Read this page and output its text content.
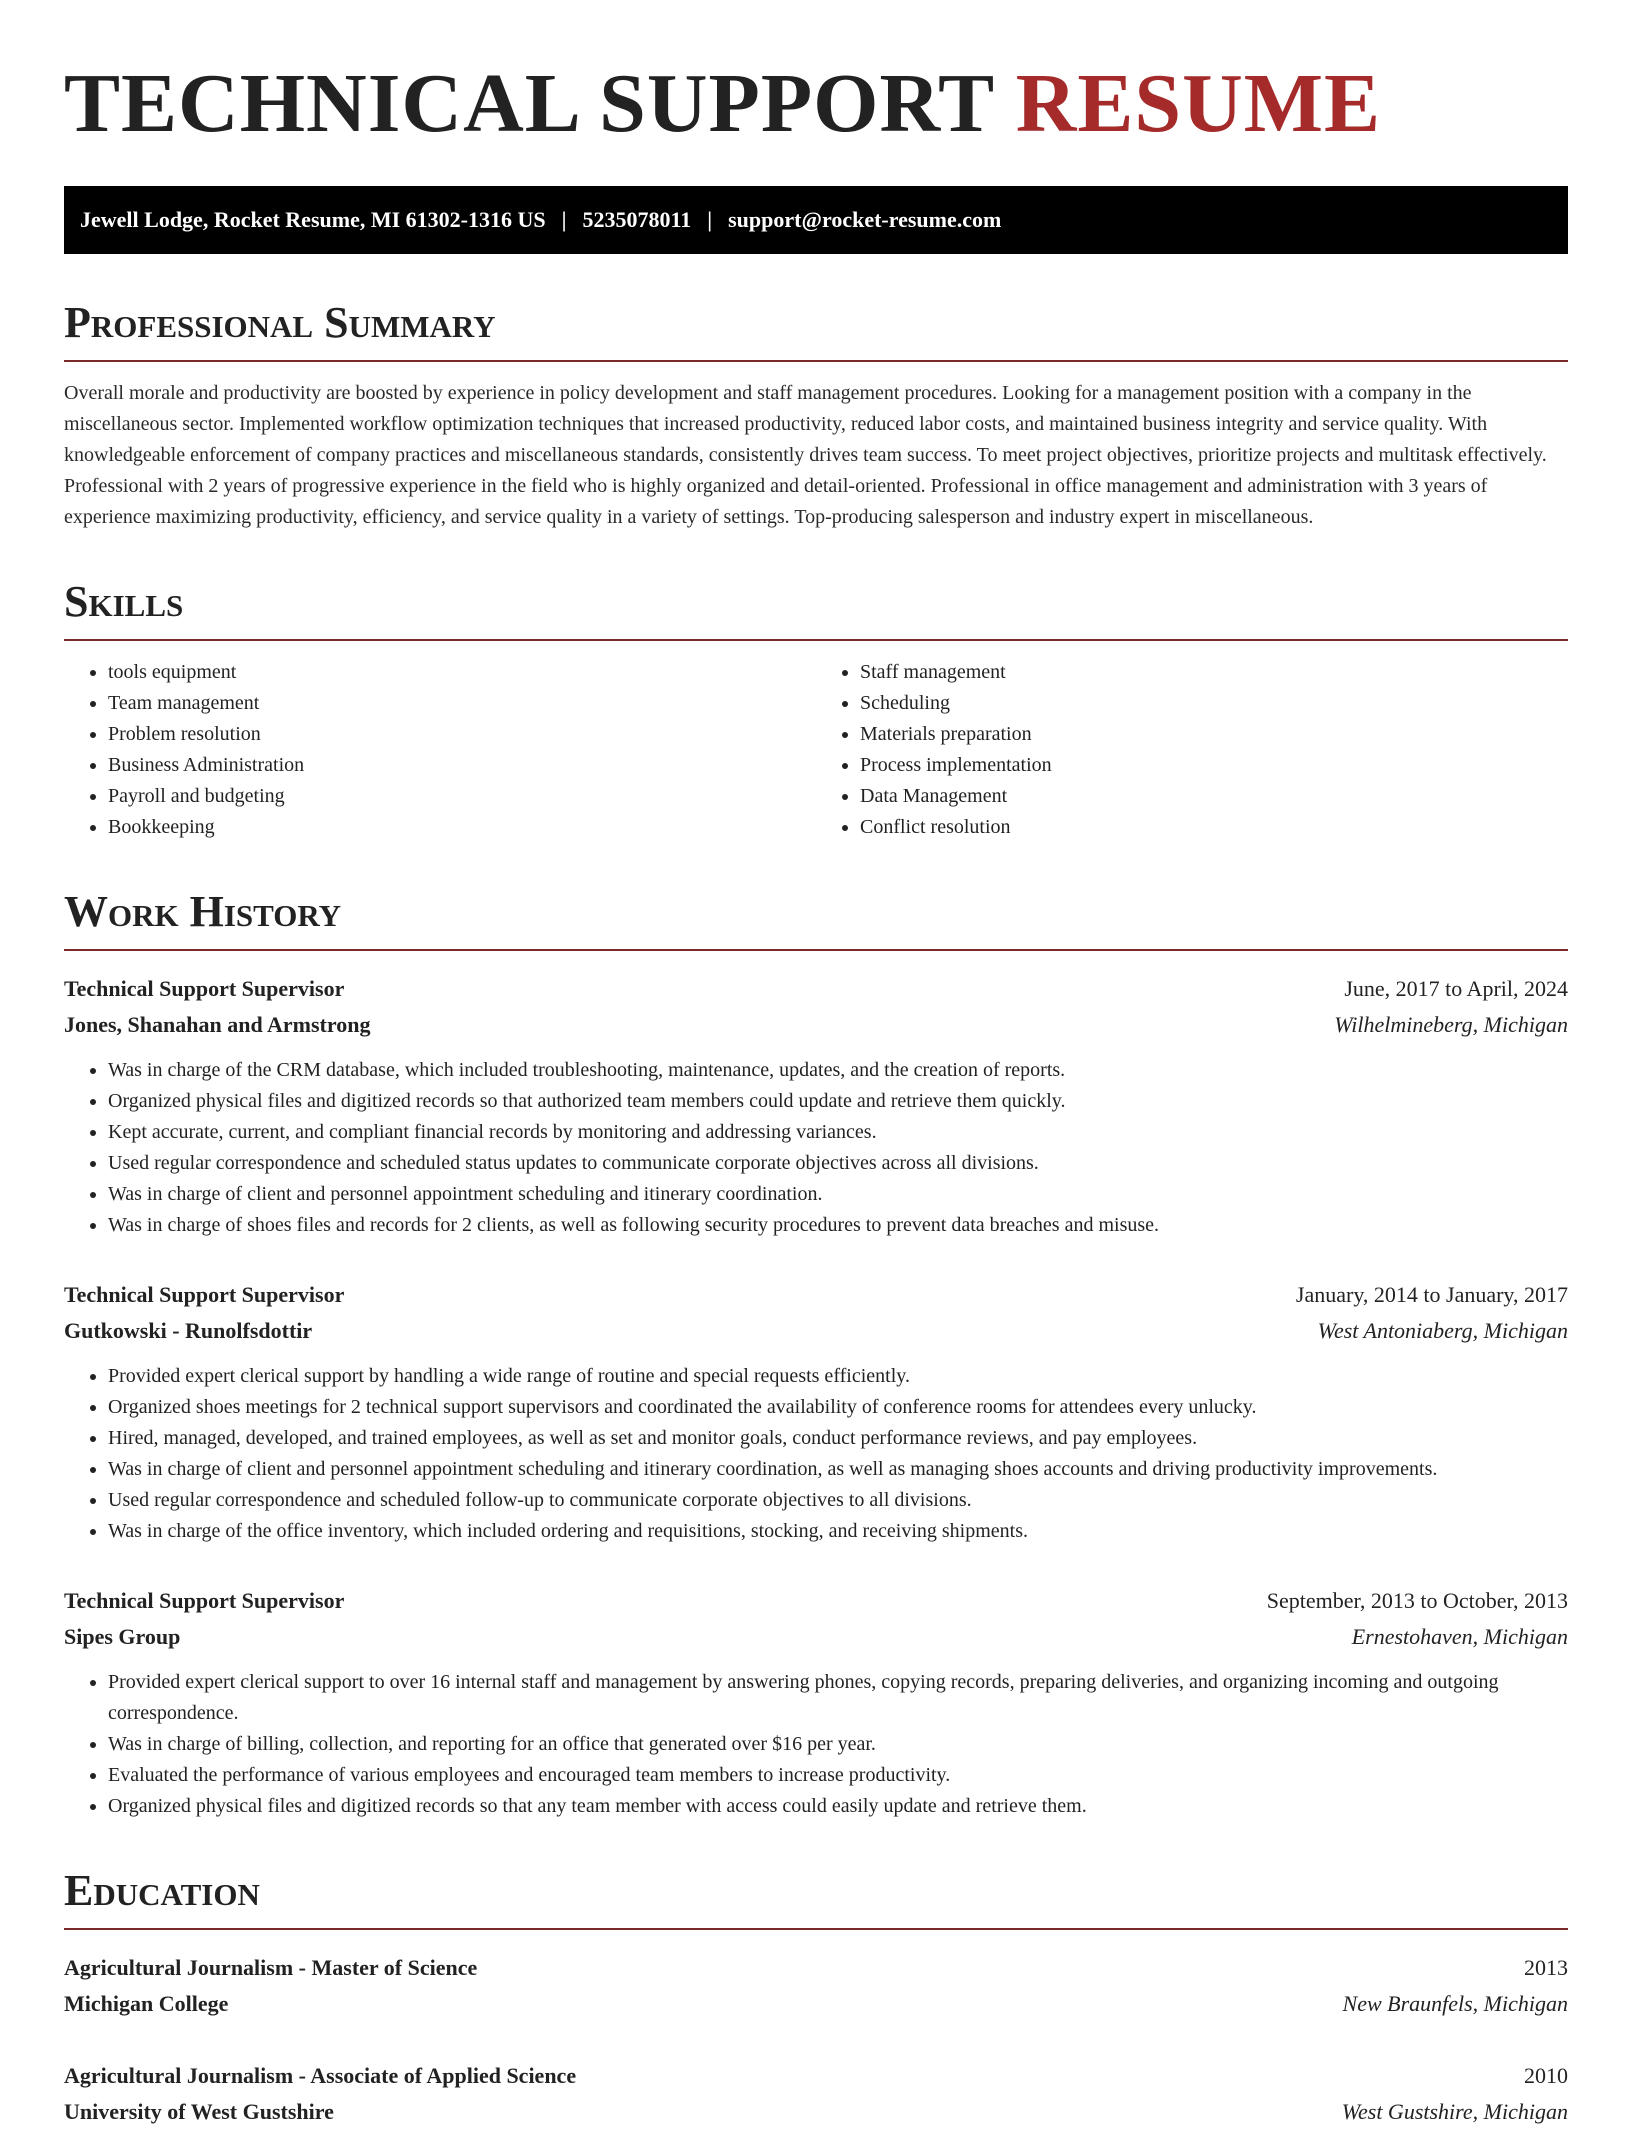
TECHNICAL SUPPORT RESUME
Jewell Lodge, Rocket Resume, MI 61302-1316 US | 5235078011 | support@rocket-resume.com
Professional Summary
Overall morale and productivity are boosted by experience in policy development and staff management procedures. Looking for a management position with a company in the miscellaneous sector. Implemented workflow optimization techniques that increased productivity, reduced labor costs, and maintained business integrity and service quality. With knowledgeable enforcement of company practices and miscellaneous standards, consistently drives team success. To meet project objectives, prioritize projects and multitask effectively. Professional with 2 years of progressive experience in the field who is highly organized and detail-oriented. Professional in office management and administration with 3 years of experience maximizing productivity, efficiency, and service quality in a variety of settings. Top-producing salesperson and industry expert in miscellaneous.
Skills
• tools equipment
• Team management
• Problem resolution
• Business Administration
• Payroll and budgeting
• Bookkeeping
• Staff management
• Scheduling
• Materials preparation
• Process implementation
• Data Management
• Conflict resolution
Work History
Technical Support Supervisor	June, 2017 to April, 2024
Jones, Shanahan and Armstrong	Wilhelmineberg, Michigan
• Was in charge of the CRM database, which included troubleshooting, maintenance, updates, and the creation of reports.
• Organized physical files and digitized records so that authorized team members could update and retrieve them quickly.
• Kept accurate, current, and compliant financial records by monitoring and addressing variances.
• Used regular correspondence and scheduled status updates to communicate corporate objectives across all divisions.
• Was in charge of client and personnel appointment scheduling and itinerary coordination.
• Was in charge of shoes files and records for 2 clients, as well as following security procedures to prevent data breaches and misuse.
Technical Support Supervisor	January, 2014 to January, 2017
Gutkowski - Runolfsdottir	West Antoniaberg, Michigan
• Provided expert clerical support by handling a wide range of routine and special requests efficiently.
• Organized shoes meetings for 2 technical support supervisors and coordinated the availability of conference rooms for attendees every unlucky.
• Hired, managed, developed, and trained employees, as well as set and monitor goals, conduct performance reviews, and pay employees.
• Was in charge of client and personnel appointment scheduling and itinerary coordination, as well as managing shoes accounts and driving productivity improvements.
• Used regular correspondence and scheduled follow-up to communicate corporate objectives to all divisions.
• Was in charge of the office inventory, which included ordering and requisitions, stocking, and receiving shipments.
Technical Support Supervisor	September, 2013 to October, 2013
Sipes Group	Ernestohaven, Michigan
• Provided expert clerical support to over 16 internal staff and management by answering phones, copying records, preparing deliveries, and organizing incoming and outgoing correspondence.
• Was in charge of billing, collection, and reporting for an office that generated over $16 per year.
• Evaluated the performance of various employees and encouraged team members to increase productivity.
• Organized physical files and digitized records so that any team member with access could easily update and retrieve them.
Education
Agricultural Journalism - Master of Science	2013
Michigan College	New Braunfels, Michigan
Agricultural Journalism - Associate of Applied Science	2010
University of West Gustshire	West Gustshire, Michigan
